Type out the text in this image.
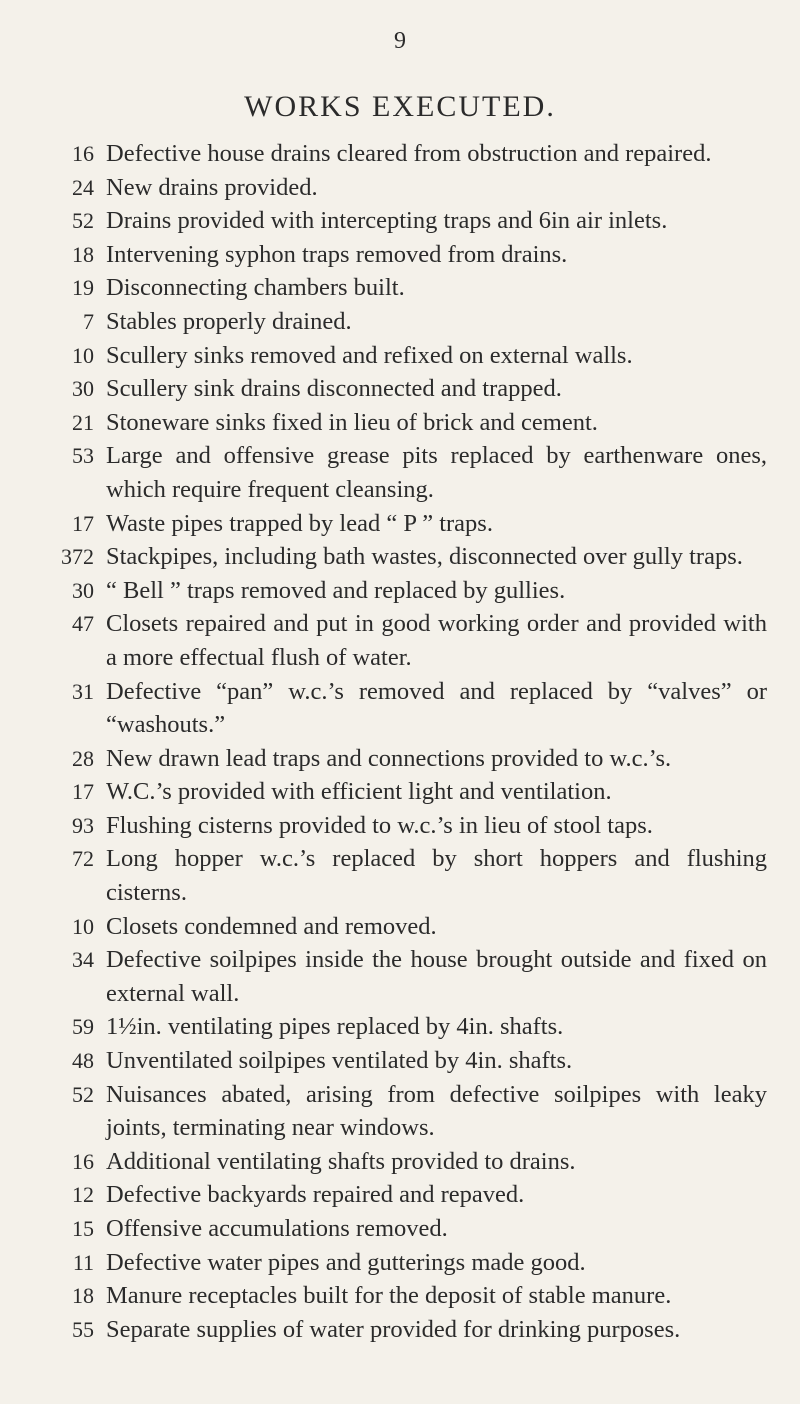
9
WORKS EXECUTED.
16 Defective house drains cleared from obstruction and repaired.
24 New drains provided.
52 Drains provided with intercepting traps and 6in air inlets.
18 Intervening syphon traps removed from drains.
19 Disconnecting chambers built.
7 Stables properly drained.
10 Scullery sinks removed and refixed on external walls.
30 Scullery sink drains disconnected and trapped.
21 Stoneware sinks fixed in lieu of brick and cement.
53 Large and offensive grease pits replaced by earthenware ones, which require frequent cleansing.
17 Waste pipes trapped by lead “ P ” traps.
372 Stackpipes, including bath wastes, disconnected over gully traps.
30 “ Bell ” traps removed and replaced by gullies.
47 Closets repaired and put in good working order and provided with a more effectual flush of water.
31 Defective “pan” w.c.’s removed and replaced by “valves” or “washouts.”
28 New drawn lead traps and connections provided to w.c.’s.
17 W.C.’s provided with efficient light and ventilation.
93 Flushing cisterns provided to w.c.’s in lieu of stool taps.
72 Long hopper w.c.’s replaced by short hoppers and flushing cisterns.
10 Closets condemned and removed.
34 Defective soilpipes inside the house brought outside and fixed on external wall.
59 1½in. ventilating pipes replaced by 4in. shafts.
48 Unventilated soilpipes ventilated by 4in. shafts.
52 Nuisances abated, arising from defective soilpipes with leaky joints, terminating near windows.
16 Additional ventilating shafts provided to drains.
12 Defective backyards repaired and repaved.
15 Offensive accumulations removed.
11 Defective water pipes and gutterings made good.
18 Manure receptacles built for the deposit of stable manure.
55 Separate supplies of water provided for drinking purposes.
